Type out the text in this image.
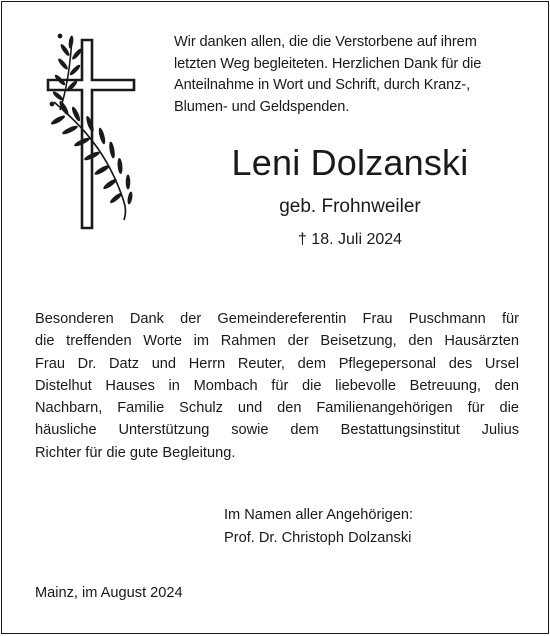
Wir danken allen, die die Verstorbene auf ihrem

letzten Weg begleiteten. Herzlichen Dank für die

Anteilnahme in Wort und Schrift, durch Kranz-,

Blumen- und Geldspenden.

Leni Dolzanski
geb. Frohnweiler
† 18. Juli 2024

Besonderen Dank der Gemeindereferentin Frau Puschmann für
die treffenden Worte im Rahmen der Beisetzung, den Hausärzten
Frau Dr. Datz und Herrn Reuter, dem Pflegepersonal des Ursel
Distelhut Hauses in Mombach für die liebevolle Betreuung, den
Nachbarn, Familie Schulz und den Familienangehörigen für die
häusliche Unterstützung sowie dem Bestattungsinstitut Julius
Richter für die gute Begleitung.

Im Namen aller Angehörigen:
Prof. Dr. Christoph Dolzanski
Mainz, im August 2024
